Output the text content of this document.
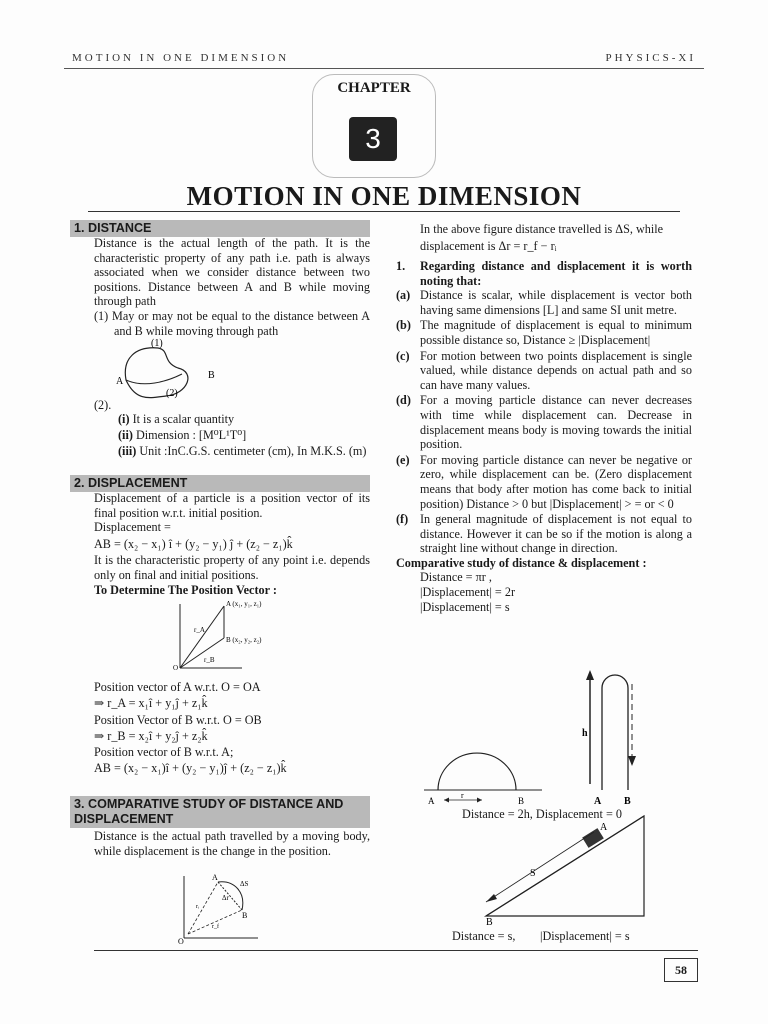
MOTION IN ONE DIMENSION	PHYSICS-XI
CHAPTER
3
MOTION IN ONE DIMENSION
1. DISTANCE
Distance is the actual length of the path. It is the characteristic property of any path i.e. path is always associated when we consider distance between two positions. Distance between A and B while moving through path
(1) May or may not be equal to the distance between A and B while moving through path
(1)
(2)
A
B
(2).
(i) It is a scalar quantity
(ii) Dimension : [M⁰L¹T⁰]
(iii) Unit :InC.G.S. centimeter (cm), In M.K.S. (m)
2. DISPLACEMENT
Displacement of a particle is a position vector of its final position w.r.t. initial position.
Displacement =
AB = (x₂ − x₁) î + (y₂ − y₁) ĵ + (z₂ − z₁)k̂
It is the characteristic property of any point i.e. depends only on final and initial positions.
To Determine The Position Vector :
A (x₁, y₁, z₁)
B (x₂, y₂, z₂)
r_A
r_B
O
Position vector of A w.r.t. O = OA
⇒ r_A = x₁î + y₁ĵ + z₁k̂
Position Vector of B w.r.t. O = OB
⇒ r_B = x₂î + y₂ĵ + z₂k̂
Position vector of B w.r.t. A;
AB = (x₂ − x₁)î + (y₂ − y₁)ĵ + (z₂ − z₁)k̂
3. COMPARATIVE STUDY OF DISTANCE AND DISPLACEMENT
Distance is the actual path travelled by a moving body, while displacement is the change in the position.
A
B
ΔS
Δr
rᵢ
r_f
O
In the above figure distance travelled is ΔS, while
displacement is Δr = r_f − rᵢ
1. Regarding distance and displacement it is worth noting that:
(a) Distance is scalar, while displacement is vector both having same dimensions [L] and same SI unit metre.
(b) The magnitude of displacement is equal to minimum possible distance so, Distance ≥ |Displacement|
(c) For motion between two points displacement is single valued, while distance depends on actual path and so can have many values.
(d) For a moving particle distance can never decreases with time while displacement can. Decrease in displacement means body is moving towards the initial position.
(e) For moving particle distance can never be negative or zero, while displacement can be. (Zero displacement means that body after motion has come back to initial position) Distance > 0 but |Displacement| > = or < 0
(f) In general magnitude of displacement is not equal to distance. However it can be so if the motion is along a straight line without change in direction.
Comparative study of distance & displacement :
Distance = πr ,
|Displacement| = 2r
|Displacement| = s
A
r
B
h
A B
Distance = 2h, Displacement = 0
S
A
B
Distance = s, |Displacement| = s
58
